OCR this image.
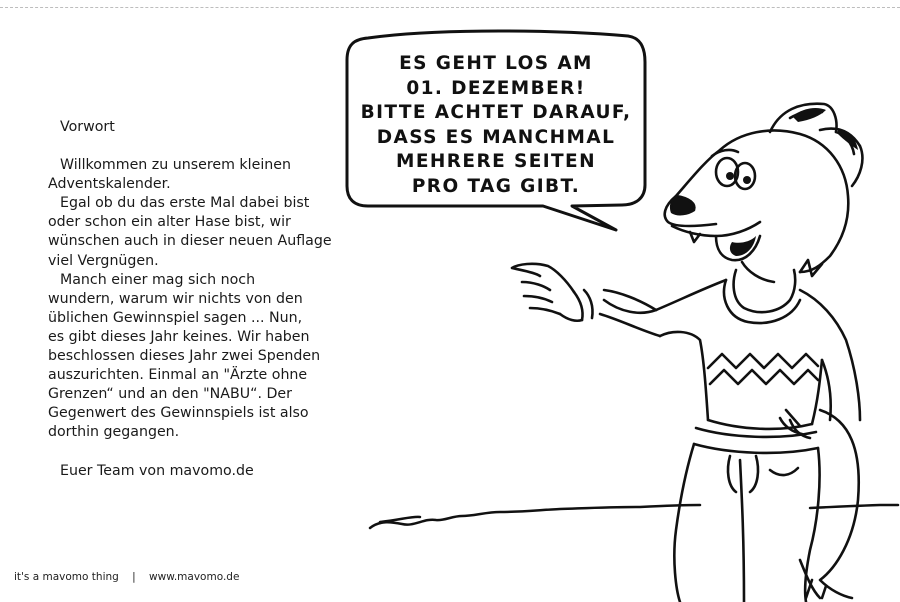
Vorwort

Willkommen zu unserem kleinen
Adventskalender.

Egal ob du das erste Mal dabei bist
oder schon ein alter Hase bist, wir
wünschen auch in dieser neuen Auflage
viel Vergnügen.

Manch einer mag sich noch
wundern, warum wir nichts von den
üblichen Gewinnspiel sagen ... Nun,
es gibt dieses Jahr keines. Wir haben
beschlossen dieses Jahr zwei Spenden
auszurichten. Einmal an "Ärzte ohne
Grenzen“ und an den "NABU“. Der
Gegenwert des Gewinnspiels ist also
dorthin gegangen.

Euer Team von mavomo.de
it's a mavomo thing | www.mavomo.de
ES GEHT LOS AM
01. DEZEMBER!
BITTE ACHTET DARAUF,
DASS ES MANCHMAL
MEHRERE SEITEN
PRO TAG GIBT.
